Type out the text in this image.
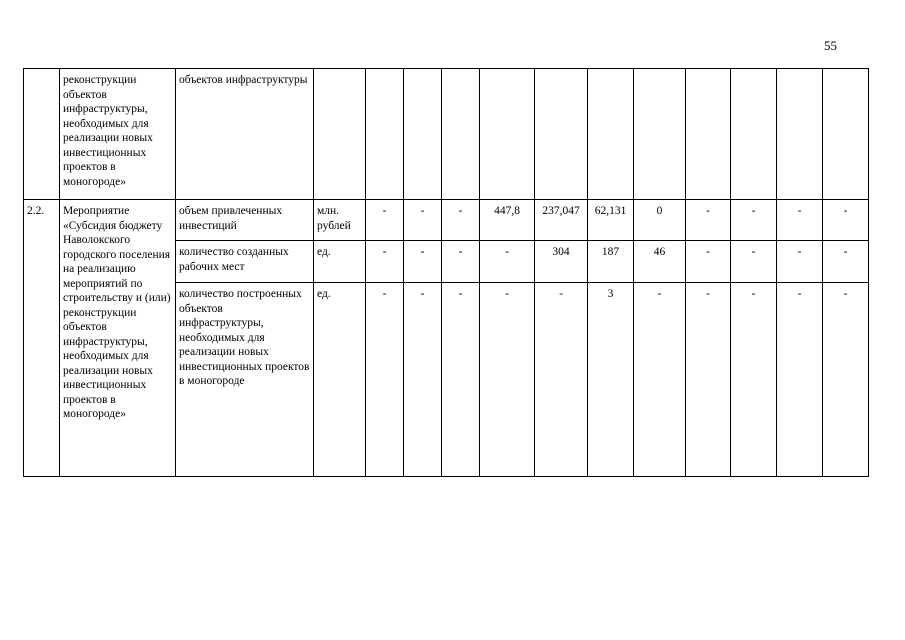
55
	реконструкции объектов инфраструктуры, необходимых для реализации новых инвестиционных проектов в моногороде»	объектов инфраструктуры												
2.2.	Мероприятие «Субсидия бюджету Наволокского городского поселения на реализацию мероприятий по строительству и (или) реконструкции объектов инфраструктуры, необходимых для реализации новых инвестиционных проектов в моногороде»	объем привлеченных инвестиций	млн. рублей	-	-	-	447,8	237,047	62,131	0	-	-	-	-
		количество созданных рабочих мест	ед.	-	-	-	-	304	187	46	-	-	-	-
		количество построенных объектов инфраструктуры, необходимых для реализации новых инвестиционных проектов в моногороде	ед.	-	-	-	-	-	3	-	-	-	-	-
